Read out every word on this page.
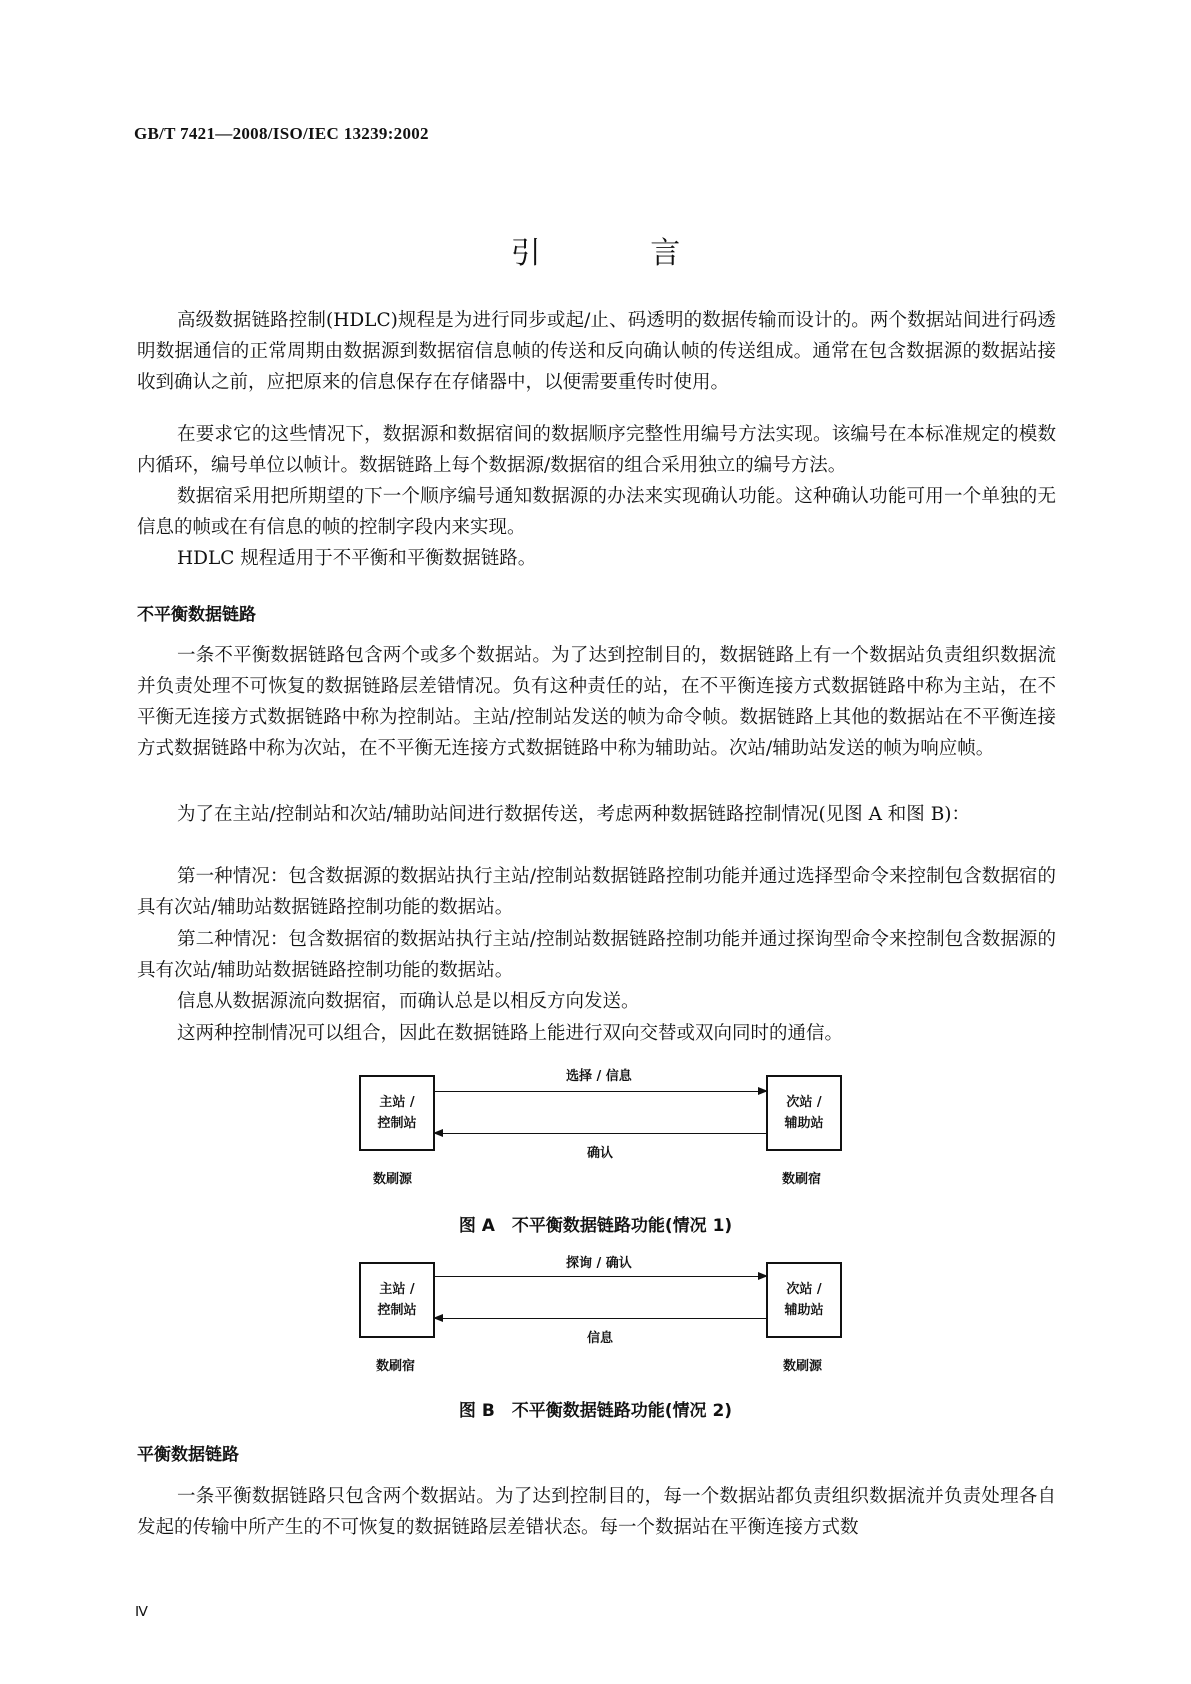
GB/T 7421—2008/ISO/IEC 13239:2002
引 言

高级数据链路控制(HDLC)规程是为进行同步或起/止、码透明的数据传输而设计的。两个数据站间进行码透明数据通信的正常周期由数据源到数据宿信息帧的传送和反向确认帧的传送组成。通常在包含数据源的数据站接收到确认之前，应把原来的信息保存在存储器中，以便需要重传时使用。

在要求它的这些情况下，数据源和数据宿间的数据顺序完整性用编号方法实现。该编号在本标准规定的模数内循环，编号单位以帧计。数据链路上每个数据源/数据宿的组合采用独立的编号方法。

数据宿采用把所期望的下一个顺序编号通知数据源的办法来实现确认功能。这种确认功能可用一个单独的无信息的帧或在有信息的帧的控制字段内来实现。

HDLC 规程适用于不平衡和平衡数据链路。

不平衡数据链路

一条不平衡数据链路包含两个或多个数据站。为了达到控制目的，数据链路上有一个数据站负责组织数据流并负责处理不可恢复的数据链路层差错情况。负有这种责任的站，在不平衡连接方式数据链路中称为主站，在不平衡无连接方式数据链路中称为控制站。主站/控制站发送的帧为命令帧。数据链路上其他的数据站在不平衡连接方式数据链路中称为次站，在不平衡无连接方式数据链路中称为辅助站。次站/辅助站发送的帧为响应帧。

为了在主站/控制站和次站/辅助站间进行数据传送，考虑两种数据链路控制情况(见图 A 和图 B)：

第一种情况：包含数据源的数据站执行主站/控制站数据链路控制功能并通过选择型命令来控制包含数据宿的具有次站/辅助站数据链路控制功能的数据站。

第二种情况：包含数据宿的数据站执行主站/控制站数据链路控制功能并通过探询型命令来控制包含数据源的具有次站/辅助站数据链路控制功能的数据站。

信息从数据源流向数据宿，而确认总是以相反方向发送。

这两种控制情况可以组合，因此在数据链路上能进行双向交替或双向同时的通信。

主站 /
控制站
次站 /
辅助站
选择 / 信息
确认
数刷源	数刷宿
图 A　不平衡数据链路功能(情况 1)
主站 /
控制站
次站 /
辅助站
探询 / 确认
信息
数刷宿	数刷源
图 B　不平衡数据链路功能(情况 2)
平衡数据链路

一条平衡数据链路只包含两个数据站。为了达到控制目的，每一个数据站都负责组织数据流并负责处理各自发起的传输中所产生的不可恢复的数据链路层差错状态。每一个数据站在平衡连接方式数

Ⅳ
